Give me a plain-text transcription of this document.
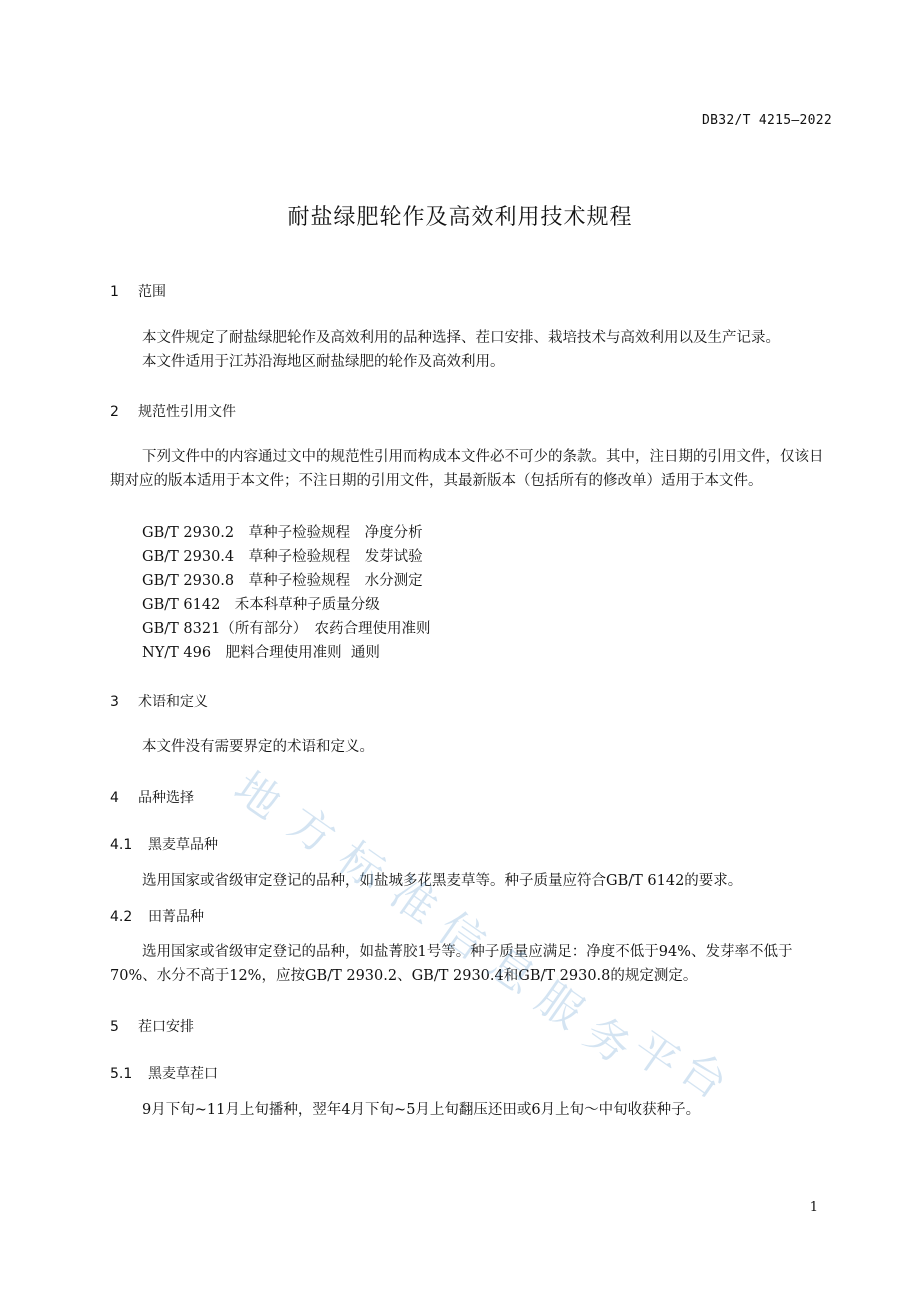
DB32/T 4215—2022
耐盐绿肥轮作及高效利用技术规程
1 范围
本文件规定了耐盐绿肥轮作及高效利用的品种选择、茬口安排、栽培技术与高效利用以及生产记录。
本文件适用于江苏沿海地区耐盐绿肥的轮作及高效利用。
2 规范性引用文件
下列文件中的内容通过文中的规范性引用而构成本文件必不可少的条款。其中，注日期的引用文件，仅该日期对应的版本适用于本文件；不注日期的引用文件，其最新版本（包括所有的修改单）适用于本文件。
GB/T 2930.2　草种子检验规程　净度分析
GB/T 2930.4　草种子检验规程　发芽试验
GB/T 2930.8　草种子检验规程　水分测定
GB/T 6142　禾本科草种子质量分级
GB/T 8321（所有部分）　农药合理使用准则
NY/T 496　肥料合理使用准则  通则
3 术语和定义
本文件没有需要界定的术语和定义。
4 品种选择
4.1 黑麦草品种
选用国家或省级审定登记的品种，如盐城多花黑麦草等。种子质量应符合GB/T 6142的要求。
4.2 田菁品种
选用国家或省级审定登记的品种，如盐菁胶1号等。种子质量应满足：净度不低于94%、发芽率不低于70%、水分不高于12%，应按GB/T 2930.2、GB/T 2930.4和GB/T 2930.8的规定测定。
5 茬口安排
5.1 黑麦草茬口
9月下旬~11月上旬播种，翌年4月下旬~5月上旬翻压还田或6月上旬～中旬收获种子。
1
地
方
标
准
信
息
服
务
平
台
